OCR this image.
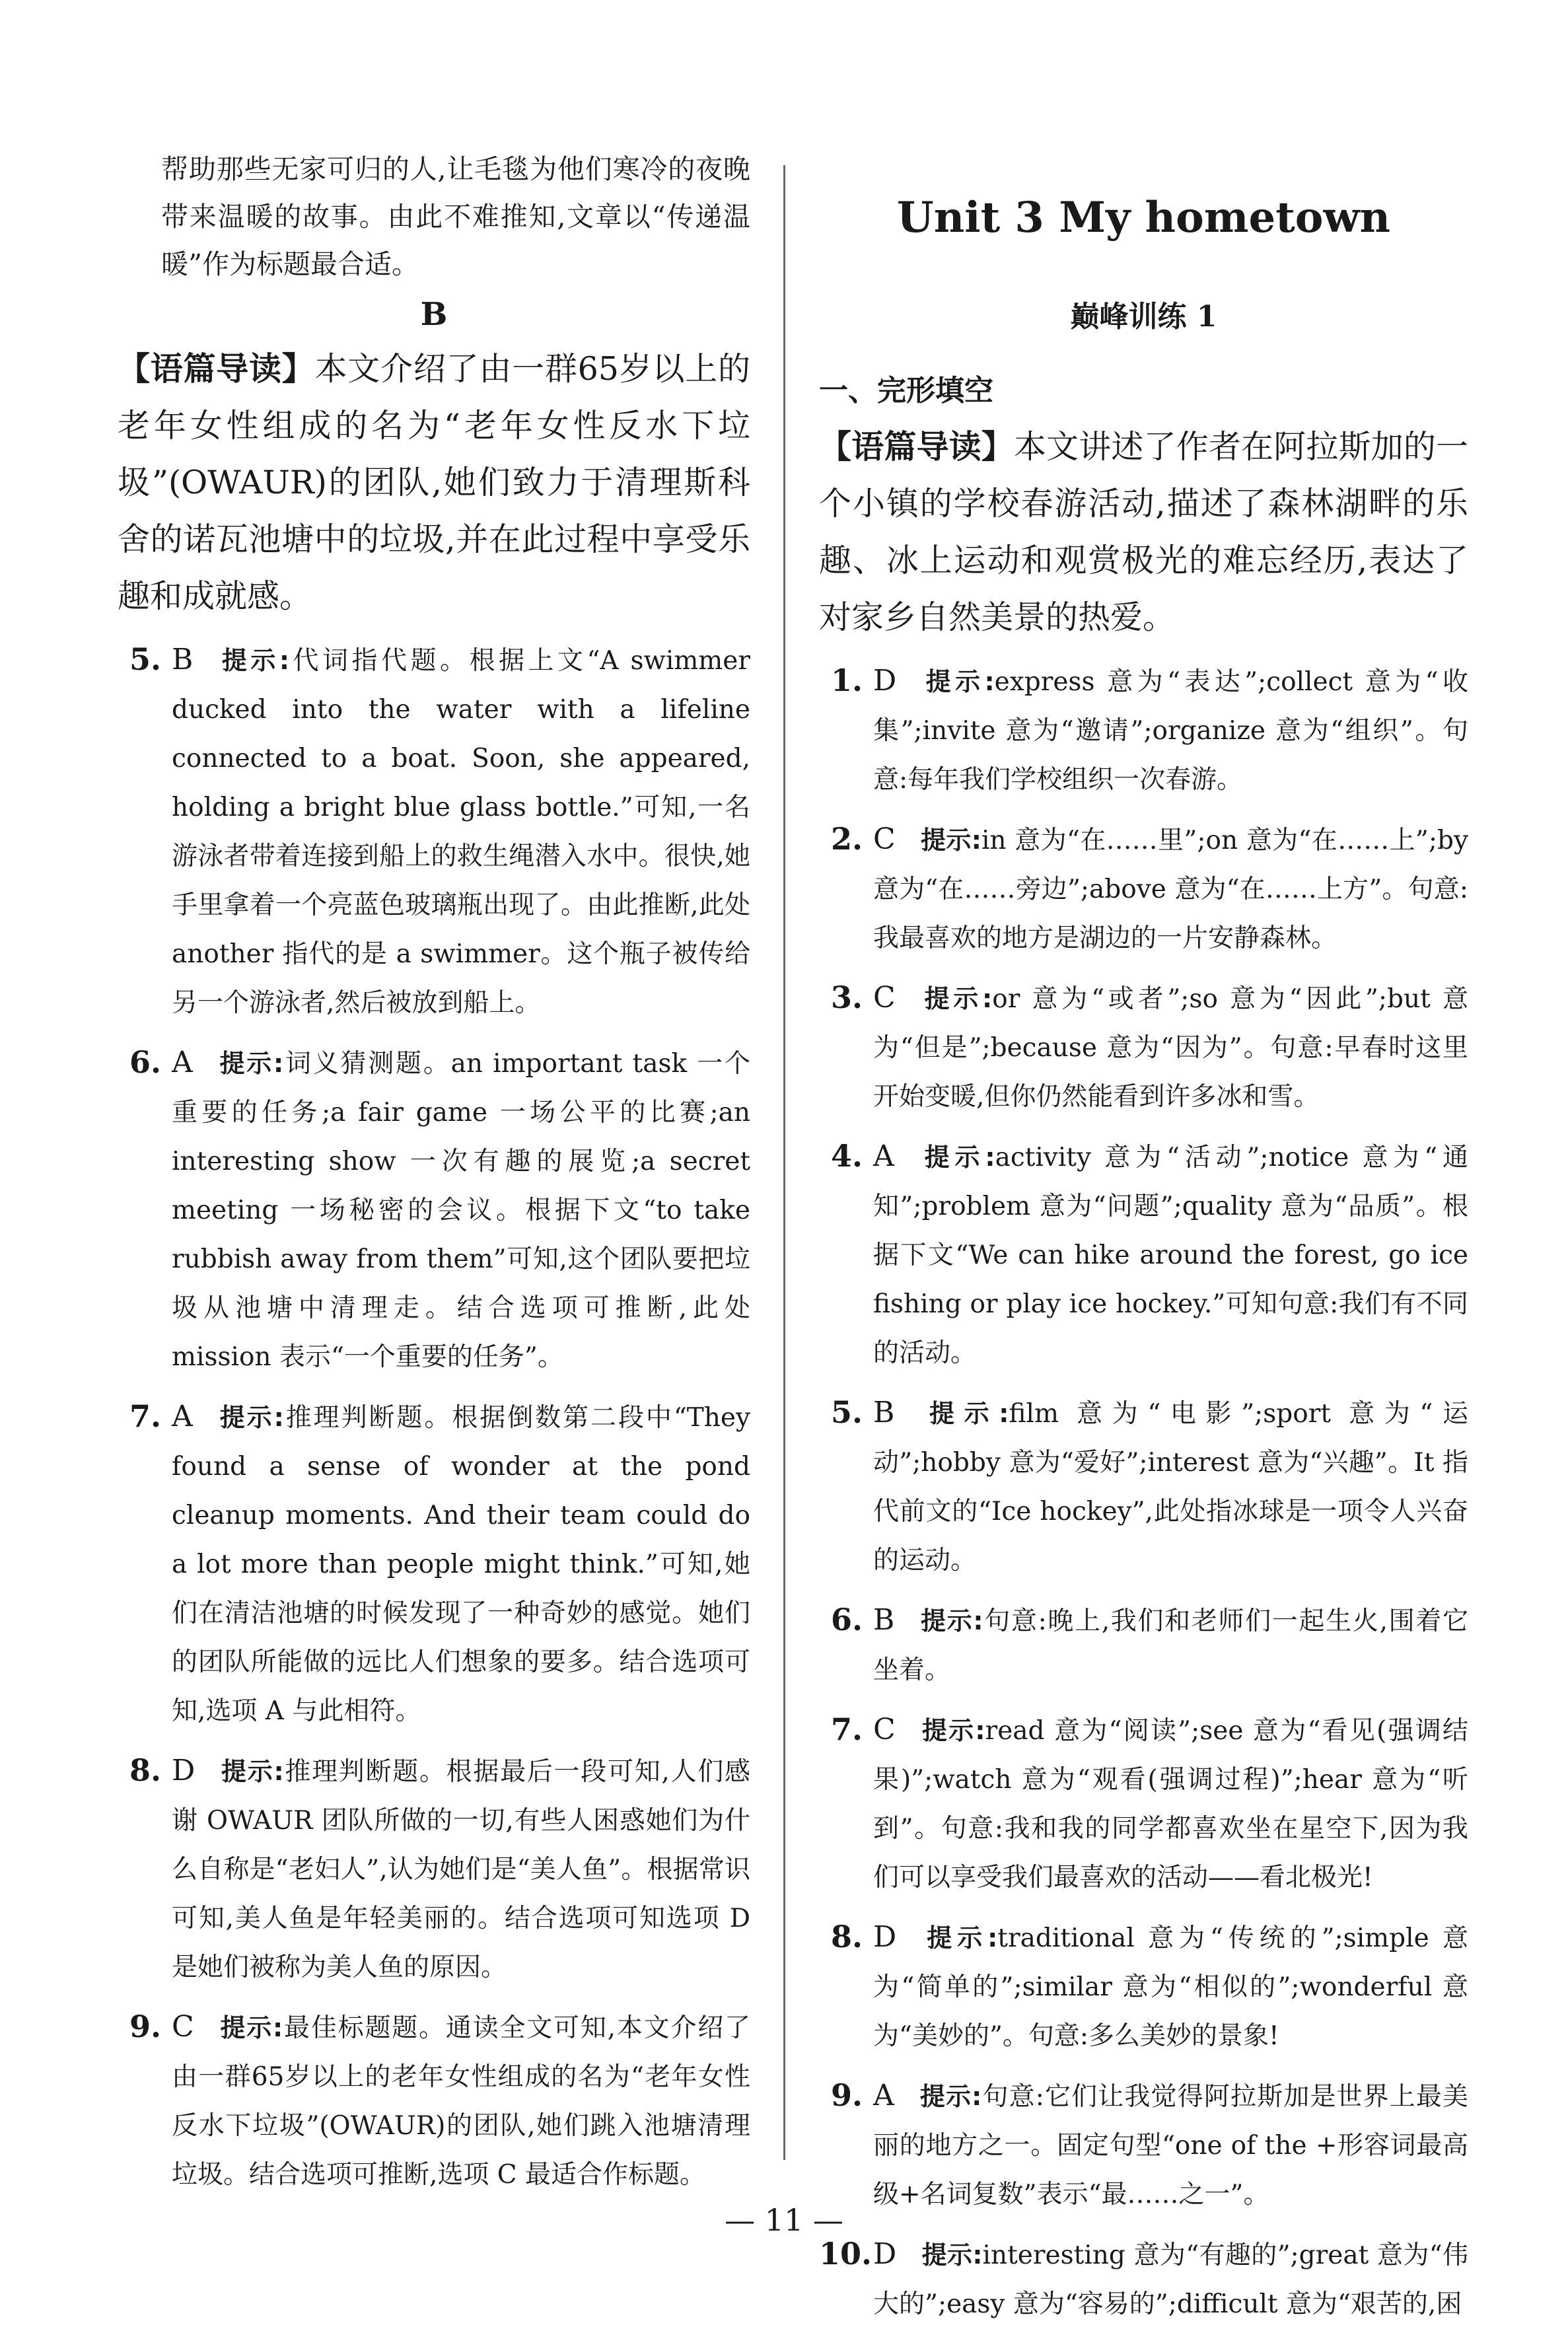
帮助那些无家可归的人,让毛毯为他们寒冷的夜晚带来温暖的故事。由此不难推知,文章以“传递温暖”作为标题最合适。

B

【语篇导读】本文介绍了由一群65岁以上的老年女性组成的名为“老年女性反水下垃圾”(OWAUR)的团队,她们致力于清理斯科舍的诺瓦池塘中的垃圾,并在此过程中享受乐趣和成就感。

5. B 提示:代词指代题。根据上文“A swimmer ducked into the water with a lifeline connected to a boat. Soon, she appeared, holding a bright blue glass bottle.”可知,一名游泳者带着连接到船上的救生绳潜入水中。很快,她手里拿着一个亮蓝色玻璃瓶出现了。由此推断,此处 another 指代的是 a swimmer。这个瓶子被传给另一个游泳者,然后被放到船上。
6. A 提示:词义猜测题。an important task 一个重要的任务;a fair game 一场公平的比赛;an interesting show 一次有趣的展览;a secret meeting 一场秘密的会议。根据下文“to take rubbish away from them”可知,这个团队要把垃圾从池塘中清理走。结合选项可推断,此处 mission 表示“一个重要的任务”。
7. A 提示:推理判断题。根据倒数第二段中“They found a sense of wonder at the pond cleanup moments. And their team could do a lot more than people might think.”可知,她们在清洁池塘的时候发现了一种奇妙的感觉。她们的团队所能做的远比人们想象的要多。结合选项可知,选项 A 与此相符。
8. D 提示:推理判断题。根据最后一段可知,人们感谢 OWAUR 团队所做的一切,有些人困惑她们为什么自称是“老妇人”,认为她们是“美人鱼”。根据常识可知,美人鱼是年轻美丽的。结合选项可知选项 D 是她们被称为美人鱼的原因。
9. C 提示:最佳标题题。通读全文可知,本文介绍了由一群65岁以上的老年女性组成的名为“老年女性反水下垃圾”(OWAUR)的团队,她们跳入池塘清理垃圾。结合选项可推断,选项 C 最适合作标题。
Unit 3 My hometown
巅峰训练 1

一、完形填空

【语篇导读】本文讲述了作者在阿拉斯加的一个小镇的学校春游活动,描述了森林湖畔的乐趣、冰上运动和观赏极光的难忘经历,表达了对家乡自然美景的热爱。

1. D 提示:express 意为“表达”;collect 意为“收集”;invite 意为“邀请”;organize 意为“组织”。句意:每年我们学校组织一次春游。
2. C 提示:in 意为“在……里”;on 意为“在……上”;by 意为“在……旁边”;above 意为“在……上方”。句意:我最喜欢的地方是湖边的一片安静森林。
3. C 提示:or 意为“或者”;so 意为“因此”;but 意为“但是”;because 意为“因为”。句意:早春时这里开始变暖,但你仍然能看到许多冰和雪。
4. A 提示:activity 意为“活动”;notice 意为“通知”;problem 意为“问题”;quality 意为“品质”。根据下文“We can hike around the forest, go ice fishing or play ice hockey.”可知句意:我们有不同的活动。
5. B 提示:film 意为“电影”;sport 意为“运动”;hobby 意为“爱好”;interest 意为“兴趣”。It 指代前文的“Ice hockey”,此处指冰球是一项令人兴奋的运动。
6. B 提示:句意:晚上,我们和老师们一起生火,围着它坐着。
7. C 提示:read 意为“阅读”;see 意为“看见(强调结果)”;watch 意为“观看(强调过程)”;hear 意为“听到”。句意:我和我的同学都喜欢坐在星空下,因为我们可以享受我们最喜欢的活动——看北极光!
8. D 提示:traditional 意为“传统的”;simple 意为“简单的”;similar 意为“相似的”;wonderful 意为“美妙的”。句意:多么美妙的景象!
9. A 提示:句意:它们让我觉得阿拉斯加是世界上最美丽的地方之一。固定句型“one of the +形容词最高级+名词复数”表示“最……之一”。
10. D 提示:interesting 意为“有趣的”;great 意为“伟大的”;easy 意为“容易的”;difficult 意为“艰苦的,困
— 11 —
